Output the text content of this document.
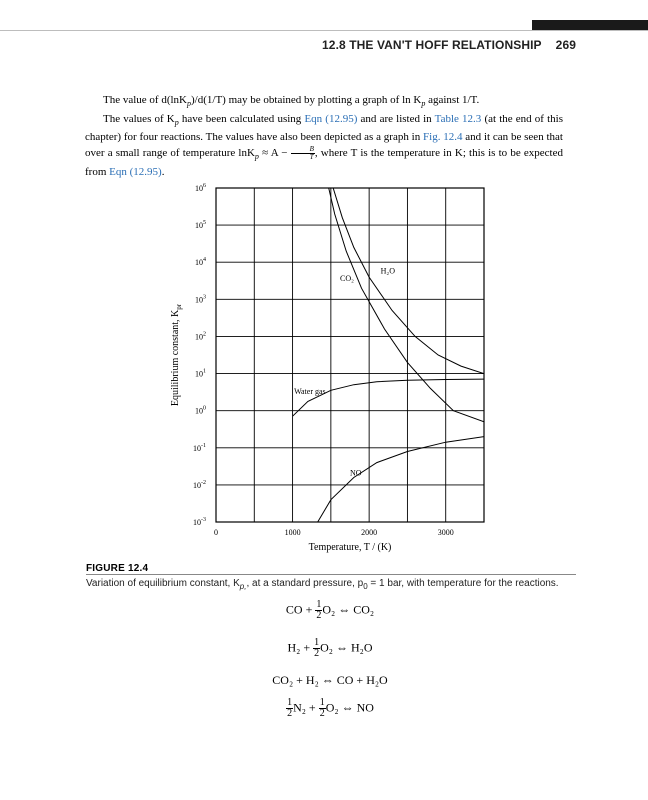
12.8 THE VAN'T HOFF RELATIONSHIP 269

The value of d(lnK$_p$)/d(1/T) may be obtained by plotting a graph of $\ln K_p$ against 1/T.

The values of $K_p$ have been calculated using Eqn (12.95) and are listed in Table 12.3 (at the end of this chapter) for four reactions. The values have also been depicted as a graph in Fig. 12.4 and it can be seen that over a small range of temperature $\ln K_p \approx A - \frac{B}{T}$ , where T is the temperature in K; this is to be expected from Eqn (12.95).

$10^{-3}$
$10^{-2}$
$10^{-1}$
$10^0$
$10^1$
$10^2$
$10^3$
$10^4$
$10^5$
$10^6$
0	1000	2000	3000
Temperature, T / (K)
Equilibrium constant, $K_{pr}$
CO₂
H₂O
Water gas
NO
FIGURE 12.4
Variation of equilibrium constant, $K_{p,}$, at a standard pressure, $p_0 = 1$ bar, with temperature for the reactions.
CO + $\frac{1}{2} O_2$ ⇔ CO₂
$H_2 + \frac{1}{2} O_2$ ⇔ H₂O
CO₂ + H₂ ⇔ CO + H₂O
$\frac{1}{2} N_2 + \frac{1}{2} O_2$ ⇔ NO
